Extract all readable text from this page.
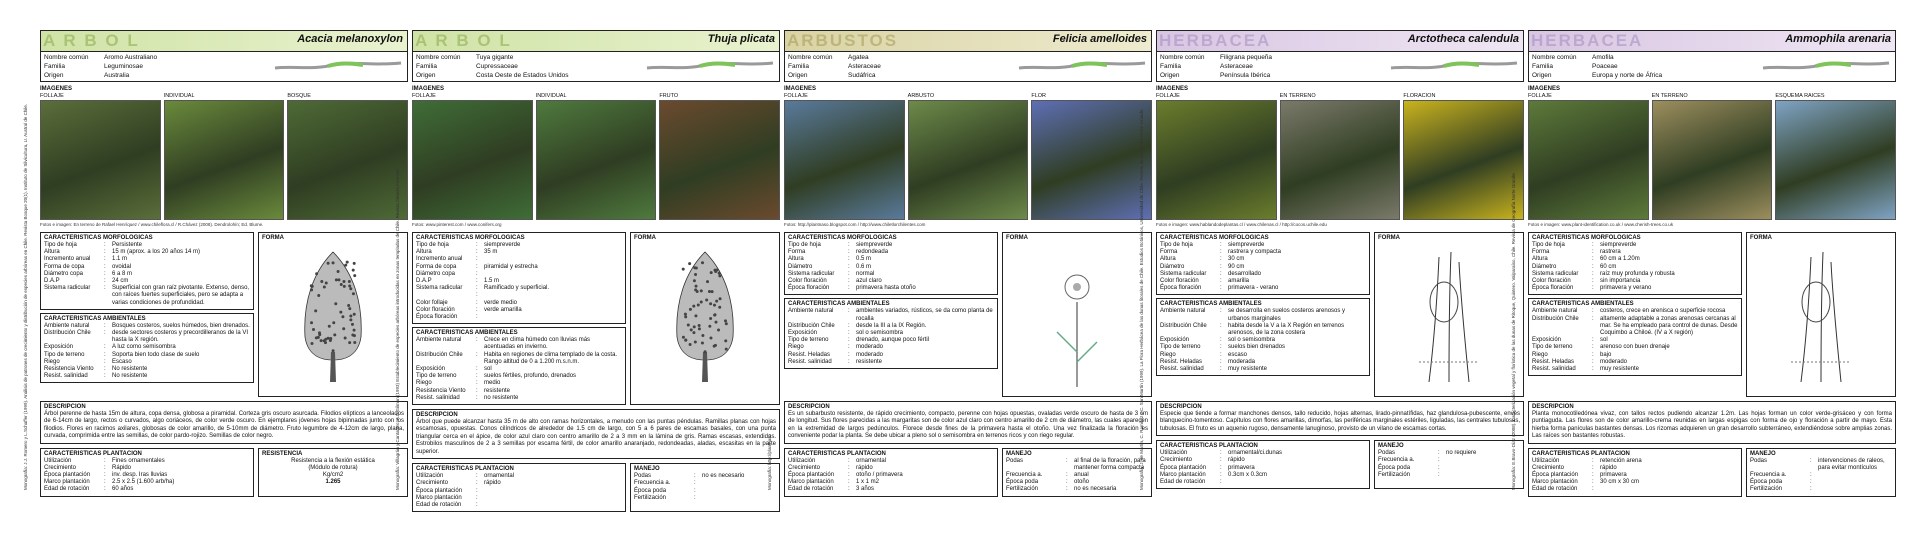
Monografía: J.J. Romero y L.Schaffer (1999). Análisis de patrones de crecimiento y distribución de especies arbóreas en Chile. Revista Bosque 20(1). Instituto de Silvicultura, U. Austral de Chile.
A R B O L	Acacia melanoxylon
Nombre común	Aromo Australiano
Familia	Leguminosae
Origen	Australia
IMAGENES
FOLLAJE	INDIVIDUAL	BOSQUE
Fotos e imagen: En terreno de Rafael Henríquez / www.chileflora.cl / R.Chávez (2008). Dendrolohín; Ed. Blume.
CARACTERISTICAS MORFOLOGICAS
Tipo de hoja	:	Persistente
Altura	:	15 m (aprox. a los 20 años 14 m)
Incremento anual	:	1.1 m
Forma de copa	:	ovoidal
Diámetro copa	:	6 a 8 m
D.A.P	:	24 cm
Sistema radicular	:	Superficial con gran raíz pivotante. Extenso, denso, con raíces fuertes superficiales, pero se adapta a varias condiciones de profundidad.
CARACTERISTICAS AMBIENTALES
Ambiente natural	:	Bosques costeros, suelos húmedos, bien drenados.
Distribución Chile	:	desde sectores costeros y precordilleranos de la VI hasta la X región.
Exposición	:	A luz como semisombra
Tipo de terreno	:	Soporta bien todo clase de suelo
Riego	:	Escaso
Resistencia Viento	:	No resistente
Resist. salinidad	:	No resistente
FORMA
DESCRIPCION

Árbol perenne de hasta 15m de altura, copa densa, globosa a piramidal. Corteza gris oscuro asurcada. Filodios elípticos a lanceolados de 6-14cm de largo, rectos o curvados, algo coriáceos, de color verde oscuro. En ejemplares jóvenes hojas bipinnadas junto con los filodios. Flores en racimos axilares, globosas de color amarillo, de 5-10mm de diámetro. Fruto legumbre de 4-12cm de largo, plana, curvada, comprimida entre las semillas, de color pardo-rojizo. Semillas de color negro.

CARACTERISTICAS PLANTACION
Utilización	:	Fines ornamentales
Crecimiento	:	Rápido
Época plantación	:	inv. desp. Iras lluvias
Marco plantación	:	2.5 x 2.5 (1.600 arb/ha)
Edad de rotación	:	60 años
RESISTENCIA
Resistencia a la flexión estática
(Módulo de rotura)
Kg/cm2
1.265	Monografía: Villagrán y Cantarero: A.D.Gilman (1993) Establecimiento de especies arbóreas introducidas en zonas templadas de Chile. Revista Ciencia Forestal.
A R B O L	Thuja plicata
Nombre común	Tuya gigante
Familia	Cupressaceae
Origen	Costa Oeste de Estados Unidos
IMAGENES
FOLLAJE	INDIVIDUAL	FRUTO
Fotos: www.pinterest.com / www.conifers.org
CARACTERISTICAS MORFOLOGICAS
Tipo de hoja	:	siempreverde
Altura	:	35 m
Incremento anual	:
Forma de copa	:	piramidal y estrecha
Diámetro copa	:
D.A.P	:	1.5 m
Sistema radicular	:	Ramificado y superficial.
:
Color follaje	:	verde medio
Color floración	:	verde amarilla
Época floración	:
CARACTERISTICAS AMBIENTALES
Ambiente natural	:	Crece en clima húmedo con lluvias más acentuadas en invierno.
Distribución Chile	:	Habita en regiones de clima templado de la costa. Rango altitud de 0 a 1.200 m.s.n.m.
Exposición	:	sol
Tipo de terreno	:	suelos fértiles, profundo, drenados
Riego	:	medio
Resistencia Viento	:	resistente
Resist. salinidad	:	no resistente
FORMA
DESCRIPCION

Árbol que puede alcanzar hasta 35 m de alto con ramas horizontales, a menudo con las puntas péndulas. Ramillas planas con hojas escamosas, opuestas. Conos cilíndricos de alrededor de 1.5 cm de largo, con 5 a 6 pares de escamas basales, con una punta triangular cerca en el ápice, de color azul claro con centro amarillo de 2 a 3 mm en la lámina de gris. Ramas escasas, extendidas. Estrobilos masculinos de 2 a 3 semillas por escama fértil, de color amarillo anaranjado, redondeadas, aladas, escasitas en la parte superior.

CARACTERISTICAS PLANTACION
Utilización	:	ornamental
Crecimiento	:	rápido
Época plantación	:
Marco plantación	:
Edad de rotación	:
MANEJO
Podas	:	no es necesario
Frecuencia a.	:
Época poda	:
Fertilización	:
Monografía: http://plantnaso
ARBUSTOS	Felicia amelloides
Nombre común	Agatea
Familia	Asteraceae
Origen	Sudáfrica
IMAGENES
FOLLAJE	ARBUSTO	FLOR
Fotos: http://plantnaso.blogspot.com / http://www.chiletlorchilentes.com
CARACTERISTICAS MORFOLOGICAS
Tipo de hoja	:	siempreverde
Forma	:	redondeada
Altura	:	0.5 m
Diámetro	:	0.6 m
Sistema radicular	:	normal
Color floración	:	azul claro
Época floración	:	primavera hasta otoño
CARACTERISTICAS AMBIENTALES
Ambiente natural	:	ambientes variados, rústicos, se da como planta de rocalla
Distribución Chile	:	desde la III a la IX Región.
Exposición	:	sol o semisombra
Tipo de terreno	:	drenado, aunque poco fértil
Riego	:	moderado
Resist. Heladas	:	moderado
Resist. salinidad	:	resistente
FORMA
DESCRIPCION

Es un subarbusto resistente, de rápido crecimiento, compacto, perenne con hojas opuestas, ovaladas verde oscuro de hasta de 3 cm de longitud. Sus flores parecidas a las margaritas son de color azul claro con centro amarillo de 2 cm de diámetro, las cuales aparecen en la extremidad de largos pedúnculos. Florece desde fines de la primavera hasta el otoño. Una vez finalizada la floración es conveniente podar la planta. Se debe ubicar a pleno sol o semisombra en terrenos ricos y con riego regular.

CARACTERISTICAS PLANTACION
Utilización	:	ornamental
Crecimiento	:	rápido
Época plantación	:	otoño / primavera
Marco plantación	:	1 x 1 m2
Edad de rotación	:	3 años
MANEJO
Podas	:	al final de la floración, para mantener forma compacta
Frecuencia a.	:	anual
Época poda	:	otoño
Fertilización	:	no es necesaria	Monografía: J. de Martín, C. Ramírez y C. San Martín (1999). La Flora Herbácea de las dunas litorales de Chile. Estudios Botánicos, Universidad de Chile. Revista de Geografía Norte Grande.
HERBACEA	Arctotheca calendula
Nombre común	Filigrana pequeña
Familia	Asteraceae
Origen	Península Ibérica
IMAGENES
FOLLAJE	EN TERRENO	FLORACION
Fotos e imagen: www.hablandodeplantas.cl / www.chilenas.cl / http://cocos.uchile.edu
CARACTERISTICAS MORFOLOGICAS
Tipo de hoja	:	siempreverde
Forma	:	rastrera y compacta
Altura	:	30 cm
Diámetro	:	90 cm
Sistema radicular	:	desarrollado
Color floración	:	amarilla
Época floración	:	primavera - verano
CARACTERISTICAS AMBIENTALES
Ambiente natural	:	se desarrolla en suelos costeros arenosos y urbanos marginales
Distribución Chile	:	habita desde la V a la X Región en terrenos arenosos, de la zona costera
Exposición	:	sol o semisombra
Tipo de terreno	:	suelos bien drenados
Riego	:	escaso
Resist. Heladas	:	moderada
Resist. salinidad	:	muy resistente
FORMA
DESCRIPCION

Especie que tiende a formar manchones densos, tallo reducido, hojas alternas, lirado-pinnatífidas, haz glandulosa-pubescente, envés blanquecino-tomentoso. Capítulos con flores amarillas, dimorfas, las periféricas marginales estériles, liguladas, las centrales tubulosas, tubulosas. El fruto es un aquenio rugoso, densamente lanuginoso, provisto de un vilano de escamas cortas.

CARACTERISTICAS PLANTACION
Utilización	:	ornamental/ci.dunas
Crecimiento	:	rápido
Época plantación	:	primavera
Marco plantación	:	0.3cm x 0.3cm
Edad de rotación	:
MANEJO
Podas	:	no requiere
Frecuencia a.	:
Época poda	:
Fertilización	:	Monografía: E.Bravo-Díaz (2008). Caracterización vegetal y florística de las dunas de Ritoque, Quintero. Valparaíso, Chile. Revista de Geografía Norte Grande.
HERBACEA	Ammophila arenaria
Nombre común	Amofila
Familia	Poaceae
Origen	Europa y norte de África
IMAGENES
FOLLAJE	EN TERRENO	ESQUEMA RAICES
Fotos e imagen: www.plant-identification.co.uk / www.cherish-trees.co.uk
CARACTERISTICAS MORFOLOGICAS
Tipo de hoja	:	siempreverde
Forma	:	rastrera
Altura	:	60 cm a 1.20m
Diámetro	:	60 cm
Sistema radicular	:	raíz muy profunda y robusta
Color floración	:	sin importancia
Época floración	:	primavera y verano
CARACTERISTICAS AMBIENTALES
Ambiente natural	:	costeros, crece en arenisca o superficie rocosa
Distribución Chile	:	altamente adaptable a zonas arenosas cercanas al mar. Se ha empleado para control de dunas. Desde Coquimbo a Chiloé. (IV a X región)
Exposición	:	sol
Tipo de terreno	:	arenoso con buen drenaje
Riego	:	bajo
Resist. Heladas	:	moderado
Resist. salinidad	:	muy resistente
FORMA
DESCRIPCION

Planta monocotiledónea vivaz, con tallos rectos pudiendo alcanzar 1.2m. Las hojas forman un color verde-grisáceo y con forma puntiaguda. Las flores son de color amarillo-crema reunidas en largas espigas con forma de ojo y floración a partir de mayo. Esta hierba forma panículas bastantes densas. Los rizomas adquieren un gran desarrollo subterráneo, extendiéndose sobre amplias zonas. Las raíces son bastantes robustas.

CARACTERISTICAS PLANTACION
Utilización	:	retención arena
Crecimiento	:	rápido
Época plantación	:	primavera
Marco plantación	:	30 cm x 30 cm
Edad de rotación	:
MANEJO
Podas	:	intervenciones de raleos, para evitar montículos
Frecuencia a.	:
Época poda	:
Fertilización	:
